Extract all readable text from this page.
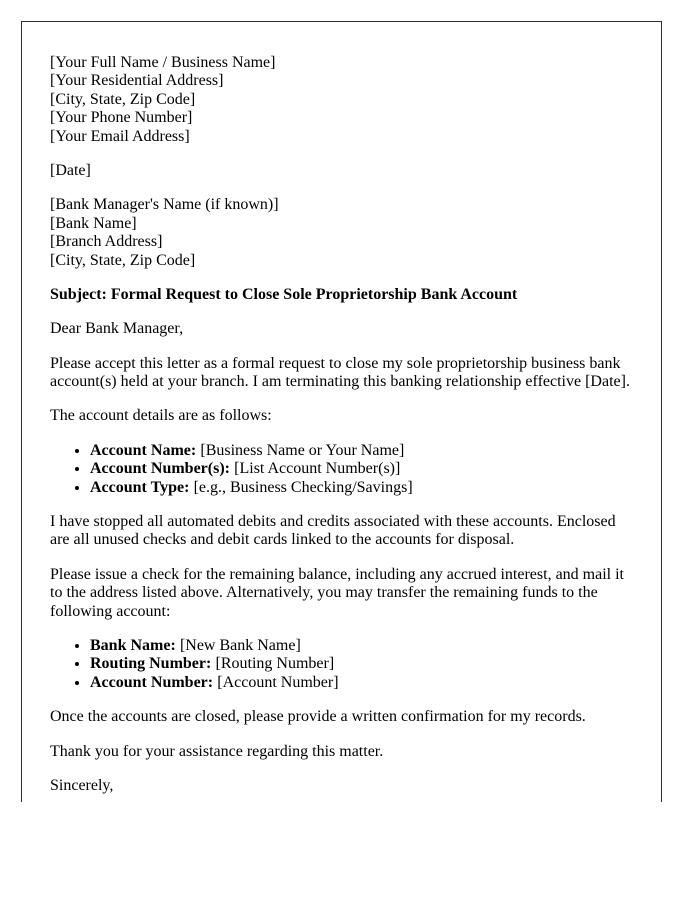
[Your Full Name / Business Name]
[Your Residential Address]
[City, State, Zip Code]
[Your Phone Number]
[Your Email Address]

[Date]

[Bank Manager's Name (if known)]
[Bank Name]
[Branch Address]
[City, State, Zip Code]

Subject: Formal Request to Close Sole Proprietorship Bank Account

Dear Bank Manager,

Please accept this letter as a formal request to close my sole proprietorship business bank account(s) held at your branch. I am terminating this banking relationship effective [Date].

The account details are as follows:

• Account Name: [Business Name or Your Name]
• Account Number(s): [List Account Number(s)]
• Account Type: [e.g., Business Checking/Savings]

I have stopped all automated debits and credits associated with these accounts. Enclosed are all unused checks and debit cards linked to the accounts for disposal.

Please issue a check for the remaining balance, including any accrued interest, and mail it to the address listed above. Alternatively, you may transfer the remaining funds to the following account:

• Bank Name: [New Bank Name]
• Routing Number: [Routing Number]
• Account Number: [Account Number]

Once the accounts are closed, please provide a written confirmation for my records.

Thank you for your assistance regarding this matter.

Sincerely,
